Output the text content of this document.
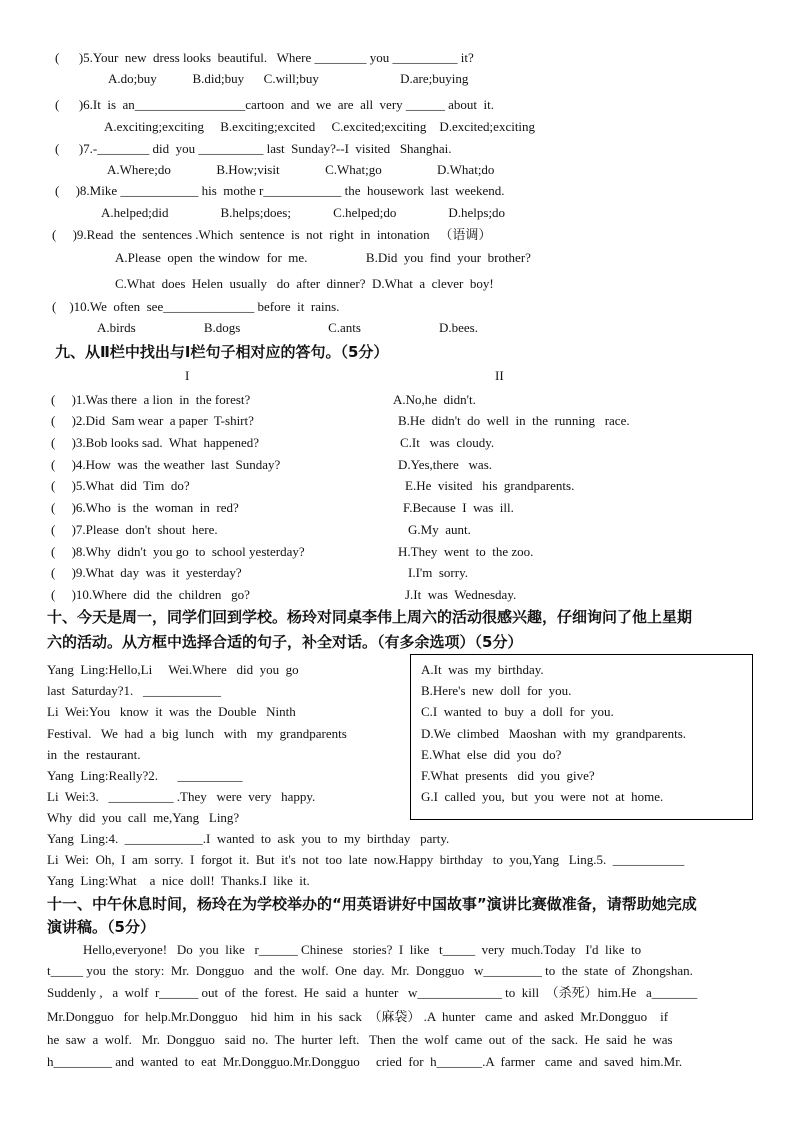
(      )5.Your  new  dress looks  beautiful.   Where ________ you __________ it?
A.do;buy           B.did;buy      C.will;buy                         D.are;buying
(      )6.It  is  an_________________cartoon  and  we  are  all  very ______ about  it.
A.exciting;exciting     B.exciting;excited     C.excited;exciting    D.excited;exciting
(      )7.-________ did  you __________ last  Sunday?--I  visited   Shanghai.
A.Where;do              B.How;visit              C.What;go                 D.What;do
(     )8.Mike ____________ his  mothe r____________ the  housework  last  weekend.
A.helped;did                B.helps;does;             C.helped;do                D.helps;do
(     )9.Read  the  sentences .Which  sentence  is  not  right  in  intonation   （语调）
A.Please  open  the window  for  me.                  B.Did  you  find  your  brother?
C.What  does  Helen  usually   do  after  dinner?  D.What  a  clever  boy!
(    )10.We  often  see______________ before  it  rains.
A.birds                     B.dogs                           C.ants                        D.bees.
九、从Ⅱ栏中找出与Ⅰ栏句子相对应的答句。（5分）
I	II
(     )1.Was there  a lion  in  the forest?	A.No,he  didn't.
(     )2.Did  Sam wear  a paper  T-shirt?	B.He  didn't  do  well  in  the  running   race.
(     )3.Bob looks sad.  What  happened?	C.It   was  cloudy.
(     )4.How  was  the weather  last  Sunday?	D.Yes,there   was.
(     )5.What  did  Tim  do?	E.He  visited   his  grandparents.
(     )6.Who  is  the  woman  in  red?	F.Because  I  was  ill.
(     )7.Please  don't  shout  here.	G.My  aunt.
(     )8.Why  didn't  you go  to  school yesterday?	H.They  went  to  the zoo.
(     )9.What  day  was  it  yesterday?	I.I'm  sorry.
(     )10.Where  did  the  children   go?	J.It  was  Wednesday.
十、今天是周一，同学们回到学校。杨玲对同桌李伟上周六的活动很感兴趣，仔细询问了他上星期
六的活动。从方框中选择合适的句子，补全对话。（有多余选项）（5分）
Yang  Ling:Hello,Li     Wei.Where   did  you  go
last  Saturday?1.   ____________
Li  Wei:You   know  it  was  the  Double   Ninth
Festival.   We  had  a  big  lunch   with   my  grandparents
in  the  restaurant.
Yang  Ling:Really?2.      __________
Li  Wei:3.   __________ .They   were  very   happy.
Why  did  you  call  me,Yang   Ling?
Yang  Ling:4.  ____________.I  wanted  to  ask  you  to  my  birthday   party.
Li  Wei:  Oh,  I  am  sorry.  I  forgot  it.  But  it's  not  too  late  now.Happy  birthday   to  you,Yang   Ling.5.  ___________
Yang  Ling:What    a  nice  doll!  Thanks.I  like  it.
A.It  was  my  birthday.
B.Here's  new  doll  for  you.
C.I  wanted  to  buy  a  doll  for  you.
D.We  climbed   Maoshan  with  my  grandparents.
E.What  else  did  you  do?
F.What  presents   did  you  give?
G.I  called  you,  but  you  were  not  at  home.
十一、中午休息时间，杨玲在为学校举办的“用英语讲好中国故事”演讲比赛做准备，请帮助她完成
演讲稿。（5分）
Hello,everyone!   Do  you  like   r______ Chinese   stories?  I  like   t_____  very  much.Today   I'd  like  to
t_____ you  the  story:  Mr.  Dongguo   and  the  wolf.  One  day.  Mr.  Dongguo   w_________ to  the  state  of  Zhongshan.
Suddenly ,   a  wolf  r______ out  of  the  forest.  He  said  a  hunter   w_____________ to  kill  （杀死）him.He   a_______
Mr.Dongguo   for  help.Mr.Dongguo    hid  him  in  his  sack  （麻袋） .A  hunter   came  and  asked  Mr.Dongguo    if
he  saw  a  wolf.   Mr.  Dongguo   said  no.  The  hurter  left.   Then  the  wolf  came  out  of  the  sack.  He  said  he  was
h_________ and  wanted  to  eat  Mr.Dongguo.Mr.Dongguo     cried  for  h_______.A  farmer   came  and  saved  him.Mr.
